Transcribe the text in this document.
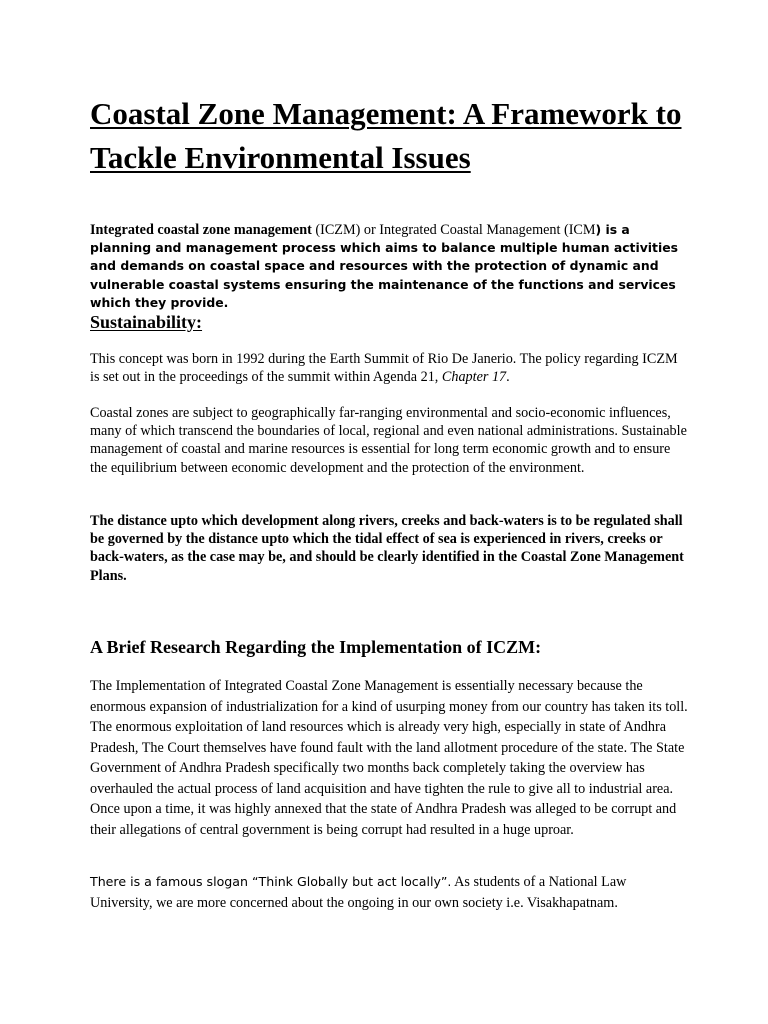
Coastal Zone Management: A Framework to Tackle Environmental Issues

Integrated coastal zone management (ICZM) or Integrated Coastal Management (ICM) is a planning and management process which aims to balance multiple human activities and demands on coastal space and resources with the protection of dynamic and vulnerable coastal systems ensuring the maintenance of the functions and services which they provide.

Sustainability:

This concept was born in 1992 during the Earth Summit of Rio De Janerio. The policy regarding ICZM is set out in the proceedings of the summit within Agenda 21, Chapter 17.

Coastal zones are subject to geographically far-ranging environmental and socio-economic influences, many of which transcend the boundaries of local, regional and even national administrations. Sustainable management of coastal and marine resources is essential for long term economic growth and to ensure the equilibrium between economic development and the protection of the environment.

The distance upto which development along rivers, creeks and back-waters is to be regulated shall be governed by the distance upto which the tidal effect of sea is experienced in rivers, creeks or back-waters, as the case may be, and should be clearly identified in the Coastal Zone Management Plans.

A Brief Research Regarding the Implementation of ICZM:

The Implementation of Integrated Coastal Zone Management is essentially necessary because the enormous expansion of industrialization for a kind of usurping money from our country has taken its toll. The enormous exploitation of land resources which is already very high, especially in state of Andhra Pradesh, The Court themselves have found fault with the land allotment procedure of the state. The State Government of Andhra Pradesh specifically two months back completely taking the overview has overhauled the actual process of land acquisition and have tighten the rule to give all to industrial area. Once upon a time, it was highly annexed that the state of Andhra Pradesh was alleged to be corrupt and their allegations of central government is being corrupt had resulted in a huge uproar.

There is a famous slogan “Think Globally but act locally”. As students of a National Law University, we are more concerned about the ongoing in our own society i.e. Visakhapatnam.
